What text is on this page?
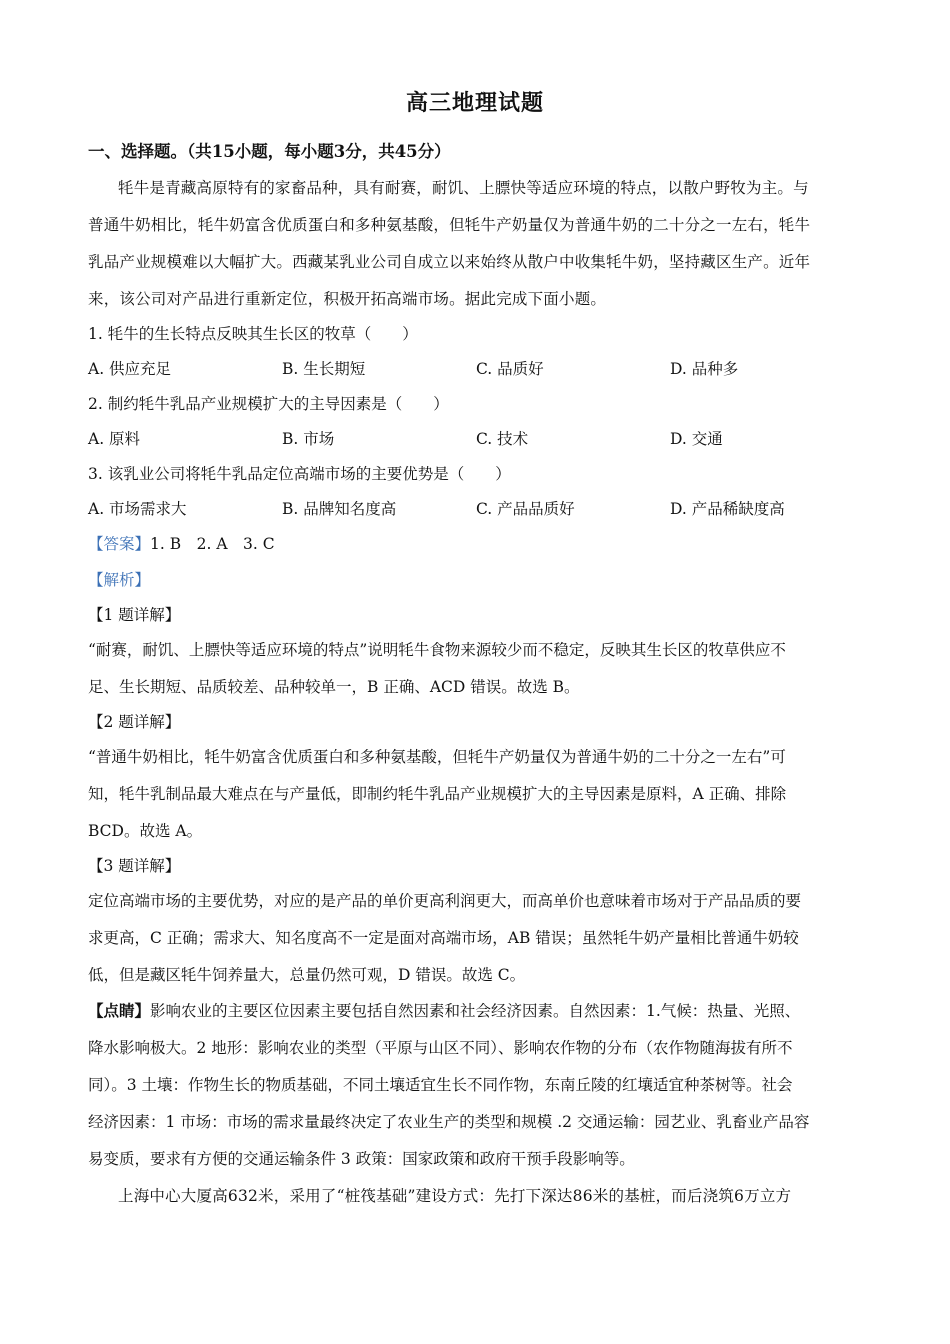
高三地理试题
一、选择题。（共15小题，每小题3分，共45分）
牦牛是青藏高原特有的家畜品种，具有耐赛，耐饥、上膘快等适应环境的特点，以散户野牧为主。与
普通牛奶相比，牦牛奶富含优质蛋白和多种氨基酸，但牦牛产奶量仅为普通牛奶的二十分之一左右，牦牛
乳品产业规模难以大幅扩大。西藏某乳业公司自成立以来始终从散户中收集牦牛奶，坚持藏区生产。近年
来，该公司对产品进行重新定位，积极开拓高端市场。据此完成下面小题。
1. 牦牛的生长特点反映其生长区的牧草（　　）
A. 供应充足	B. 生长期短	C. 品质好	D. 品种多
2. 制约牦牛乳品产业规模扩大的主导因素是（　　）
A. 原料	B. 市场	C. 技术	D. 交通
3. 该乳业公司将牦牛乳品定位高端市场的主要优势是（　　）
A. 市场需求大	B. 品牌知名度高	C. 产品品质好	D. 产品稀缺度高
【答案】1. B　2. A　3. C
【解析】
【1 题详解】
“耐赛，耐饥、上膘快等适应环境的特点”说明牦牛食物来源较少而不稳定，反映其生长区的牧草供应不
足、生长期短、品质较差、品种较单一，B 正确、ACD 错误。故选 B。
【2 题详解】
“普通牛奶相比，牦牛奶富含优质蛋白和多种氨基酸，但牦牛产奶量仅为普通牛奶的二十分之一左右”可
知，牦牛乳制品最大难点在与产量低，即制约牦牛乳品产业规模扩大的主导因素是原料，A 正确、排除
BCD。故选 A。
【3 题详解】
定位高端市场的主要优势，对应的是产品的单价更高利润更大，而高单价也意味着市场对于产品品质的要
求更高，C 正确；需求大、知名度高不一定是面对高端市场，AB 错误；虽然牦牛奶产量相比普通牛奶较
低，但是藏区牦牛饲养量大，总量仍然可观，D 错误。故选 C。
【点睛】影响农业的主要区位因素主要包括自然因素和社会经济因素。自然因素：1.气候：热量、光照、
降水影响极大。2 地形：影响农业的类型（平原与山区不同）、影响农作物的分布（农作物随海拔有所不
同）。3 土壤：作物生长的物质基础，不同土壤适宜生长不同作物，东南丘陵的红壤适宜种茶树等。社会
经济因素：1 市场：市场的需求量最终决定了农业生产的类型和规模 .2 交通运输：园艺业、乳畜业产品容
易变质，要求有方便的交通运输条件 3 政策：国家政策和政府干预手段影响等。
上海中心大厦高632米，采用了“桩筏基础”建设方式：先打下深达86米的基桩，而后浇筑6万立方
